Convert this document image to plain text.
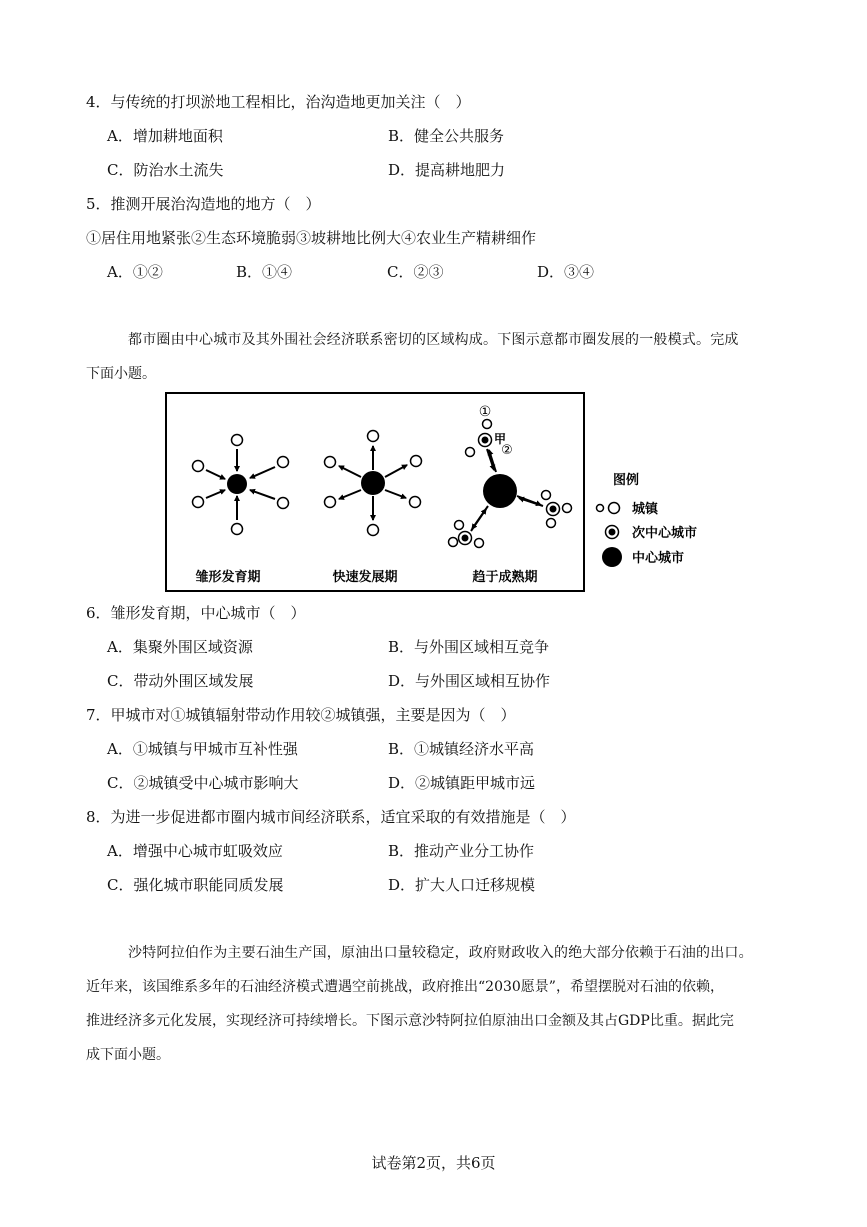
4．与传统的打坝淤地工程相比，治沟造地更加关注（　）
A．增加耕地面积	B．健全公共服务
C．防治水土流失	D．提高耕地肥力
5．推测开展治沟造地的地方（　）
①居住用地紧张②生态环境脆弱③坡耕地比例大④农业生产精耕细作
A．①②	B．①④	C．②③	D．③④
都市圈由中心城市及其外围社会经济联系密切的区域构成。下图示意都市圈发展的一般模式。完成
下面小题。
①
②
甲
图例
城镇
次中心城市
中心城市
雏形发育期	快速发展期	趋于成熟期
6．雏形发育期，中心城市（　）
A．集聚外围区域资源	B．与外围区域相互竞争
C．带动外围区域发展	D．与外围区域相互协作
7．甲城市对①城镇辐射带动作用较②城镇强，主要是因为（　）
A．①城镇与甲城市互补性强	B．①城镇经济水平高
C．②城镇受中心城市影响大	D．②城镇距甲城市远
8．为进一步促进都市圈内城市间经济联系，适宜采取的有效措施是（　）
A．增强中心城市虹吸效应	B．推动产业分工协作
C．强化城市职能同质发展	D．扩大人口迁移规模
沙特阿拉伯作为主要石油生产国，原油出口量较稳定，政府财政收入的绝大部分依赖于石油的出口。
近年来，该国维系多年的石油经济模式遭遇空前挑战，政府推出“2030愿景”，希望摆脱对石油的依赖，
推进经济多元化发展，实现经济可持续增长。下图示意沙特阿拉伯原油出口金额及其占GDP比重。据此完
成下面小题。
试卷第2页，共6页
